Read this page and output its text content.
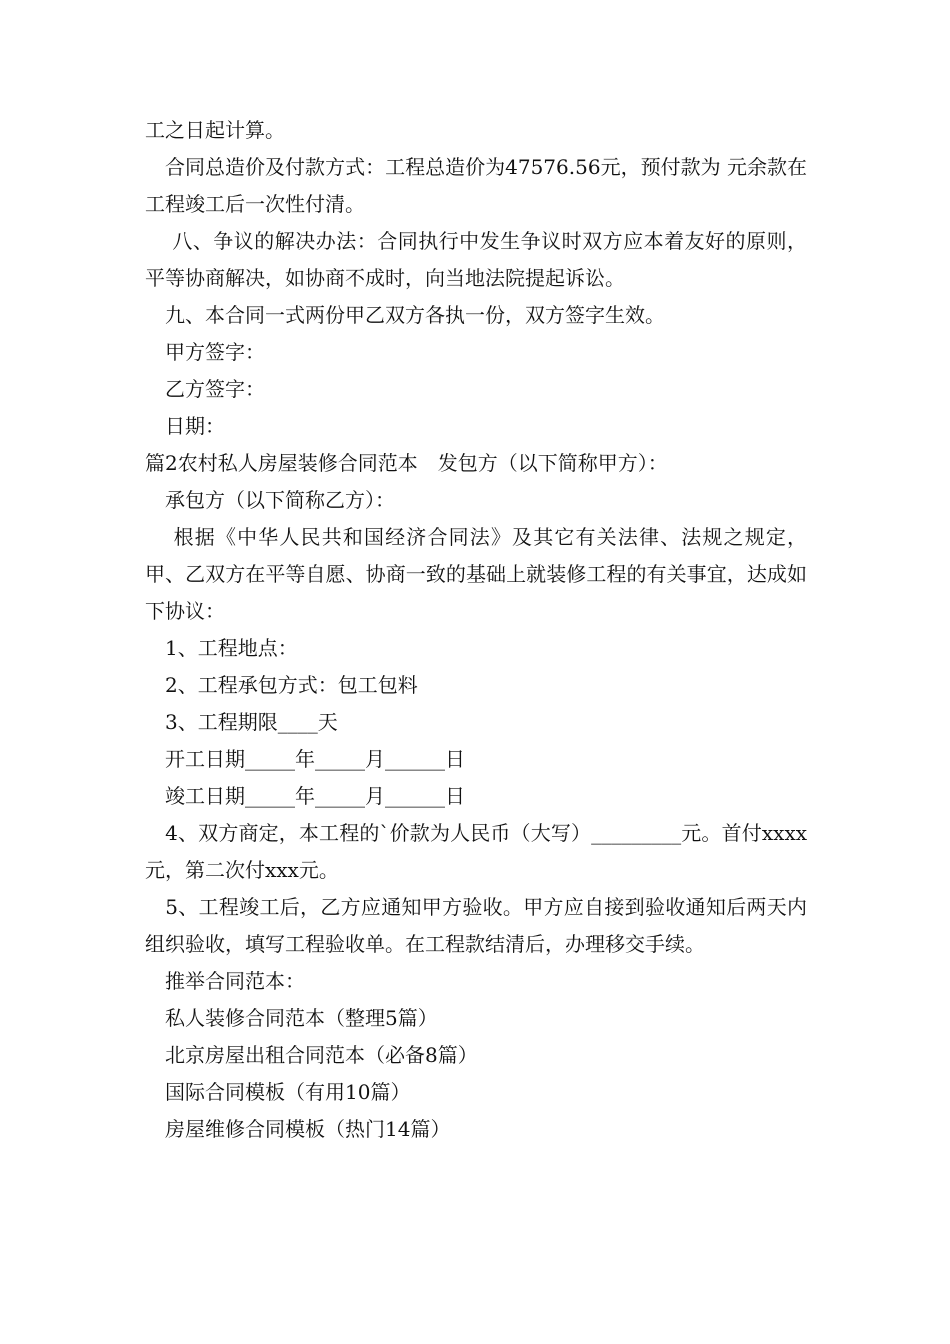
工之日起计算。

　合同总造价及付款方式：工程总造价为47576.56元，预付款为 元余款在工程竣工后一次性付清。

　 八、争议的解决办法：合同执行中发生争议时双方应本着友好的原则，平等协商解决，如协商不成时，向当地法院提起诉讼。

　九、本合同一式两份甲乙双方各执一份，双方签字生效。

　甲方签字：

　乙方签字：

　日期：

篇2农村私人房屋装修合同范本　发包方（以下简称甲方）：

　承包方（以下简称乙方）：

　 根据《中华人民共和国经济合同法》及其它有关法律、法规之规定，甲、乙双方在平等自愿、协商一致的基础上就装修工程的有关事宜，达成如下协议：

　1、工程地点：

　2、工程承包方式：包工包料

　3、工程期限____天

　开工日期_____年_____月______日

　竣工日期_____年_____月______日

　4、双方商定，本工程的`价款为人民币（大写）_________元。首付xxxx元，第二次付xxx元。

　5、工程竣工后，乙方应通知甲方验收。甲方应自接到验收通知后两天内组织验收，填写工程验收单。在工程款结清后，办理移交手续。

　推举合同范本：

　私人装修合同范本（整理5篇）

　北京房屋出租合同范本（必备8篇）

　国际合同模板（有用10篇）

　房屋维修合同模板（热门14篇）
